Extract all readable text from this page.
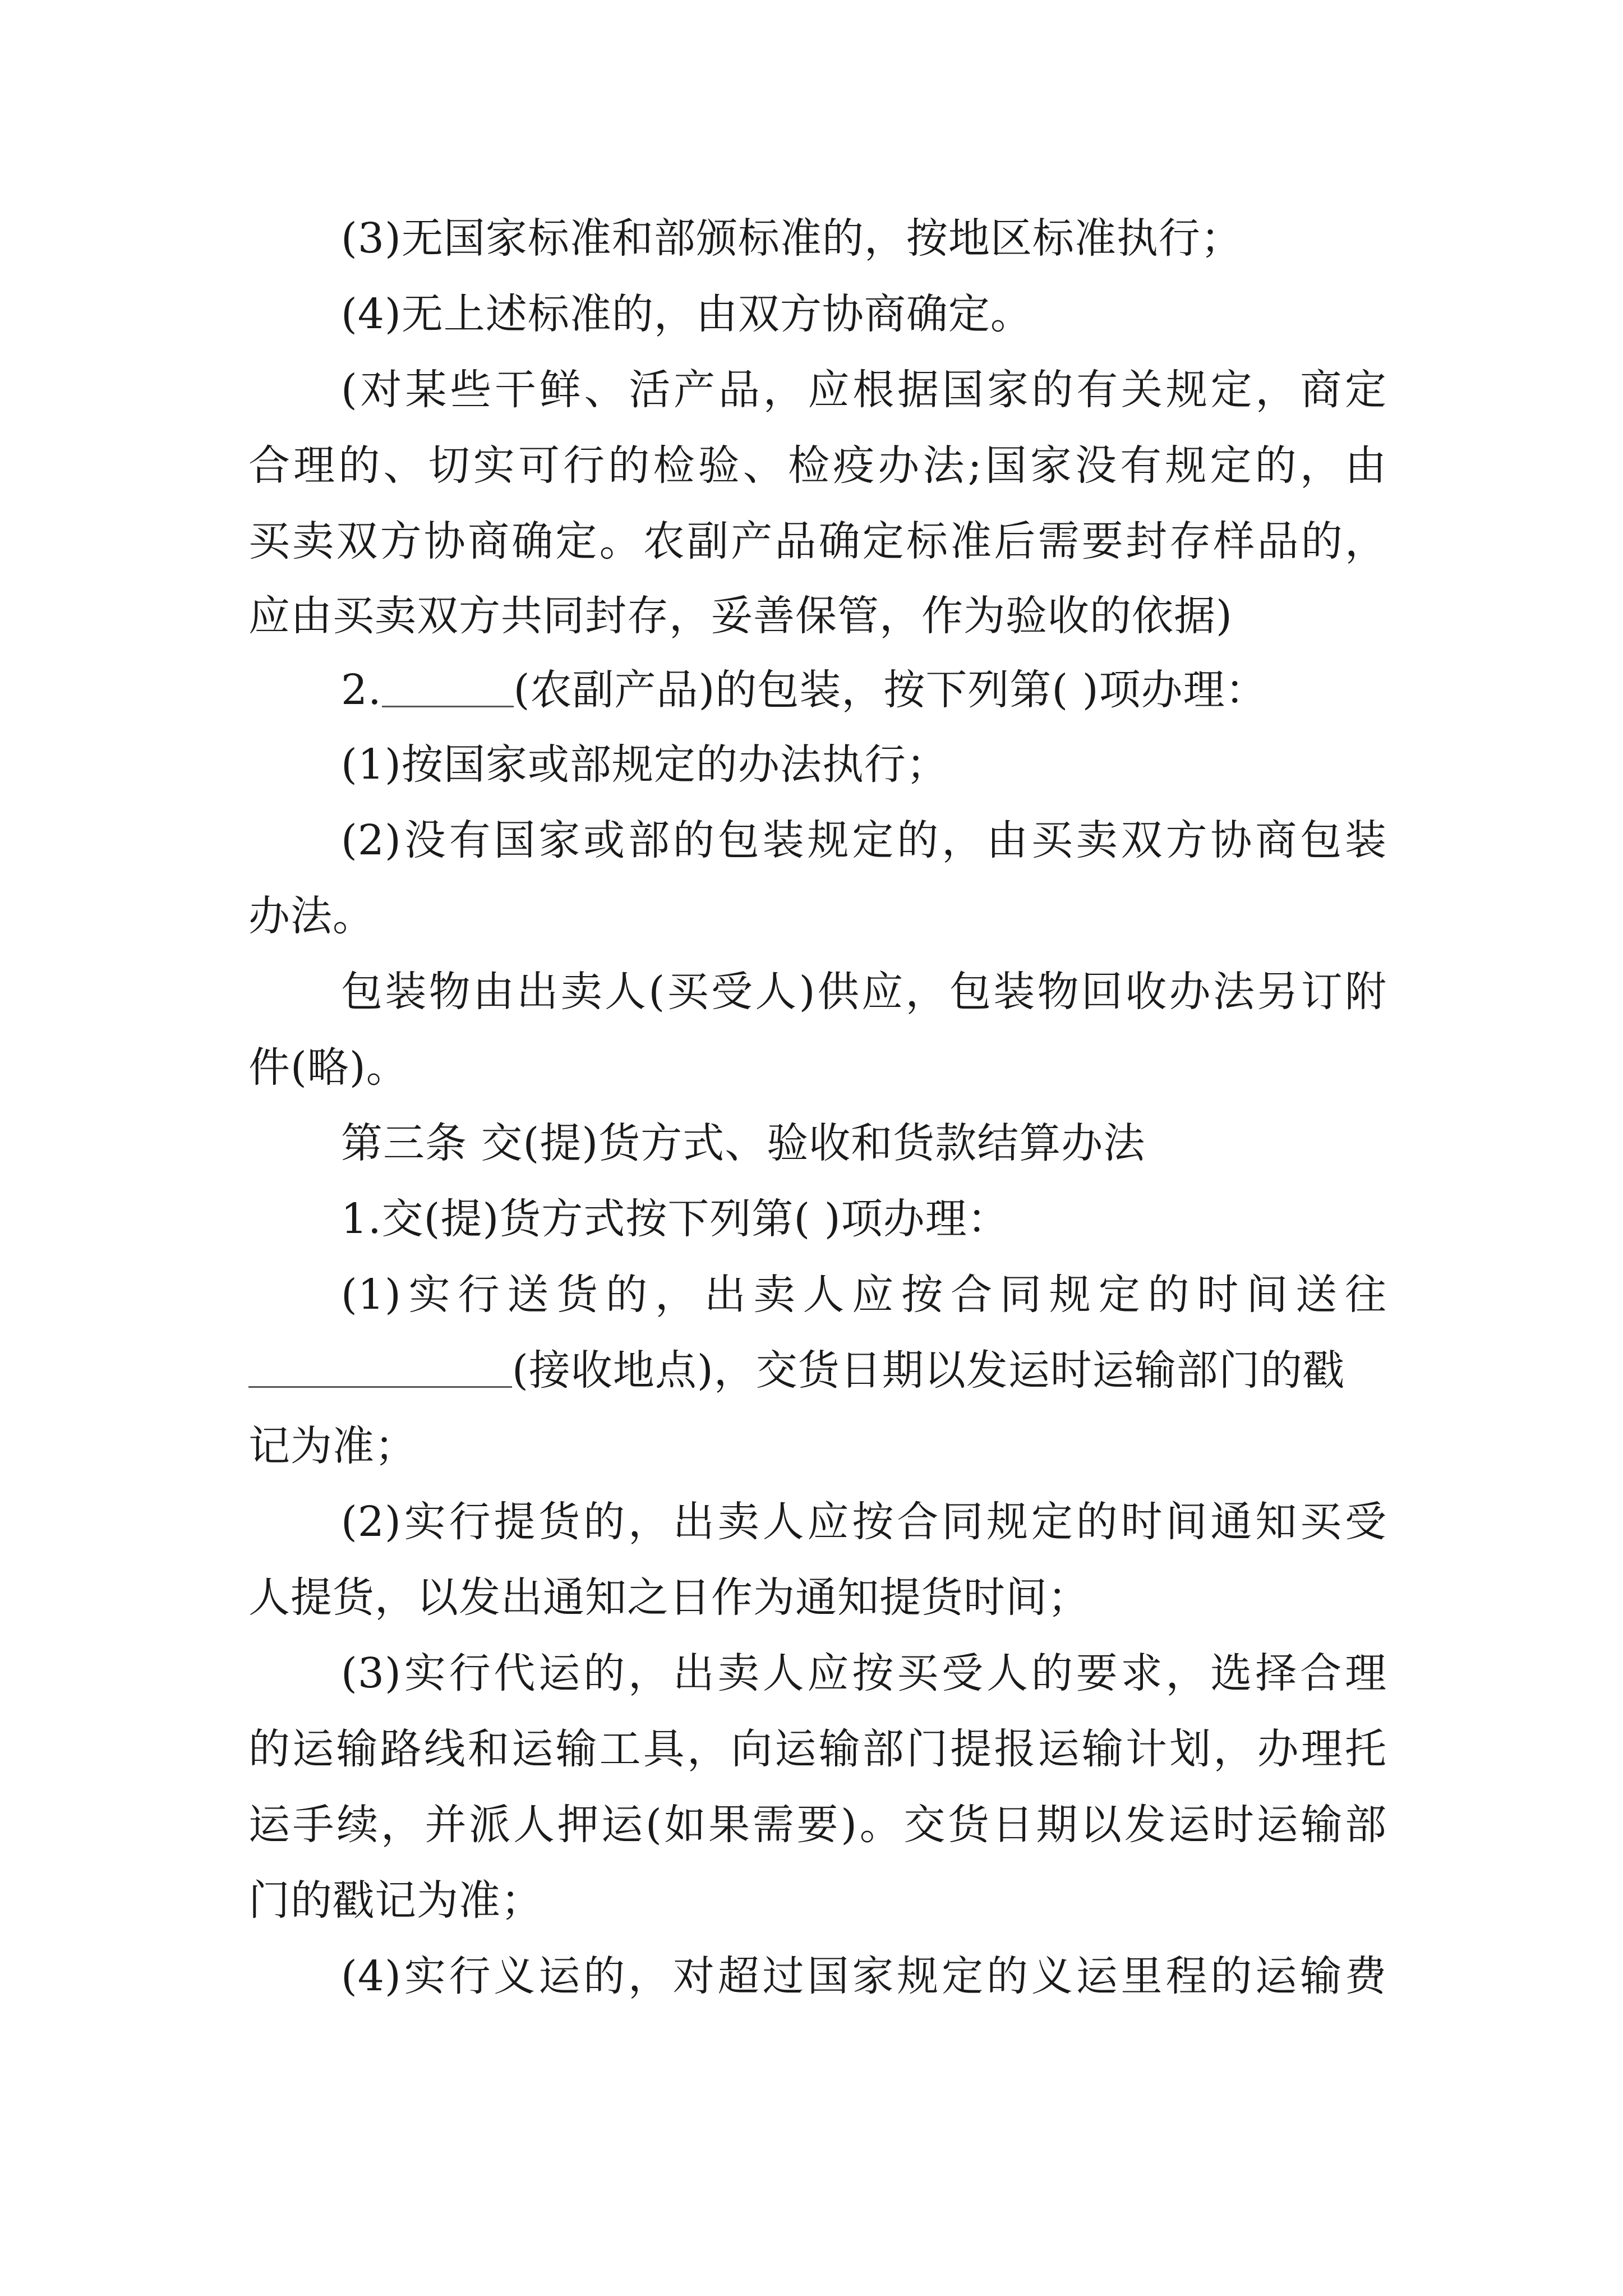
(3)无国家标准和部颁标准的，按地区标准执行；
(4)无上述标准的，由双方协商确定。
(对某些干鲜、活产品，应根据国家的有关规定，商定
合理的、切实可行的检验、检疫办法;国家没有规定的，由
买卖双方协商确定。农副产品确定标准后需要封存样品的，
应由买卖双方共同封存，妥善保管，作为验收的依据)
2.	(农副产品)的包装，按下列第( )项办理：
(1)按国家或部规定的办法执行；
(2)没有国家或部的包装规定的，由买卖双方协商包装
办法。
包装物由出卖人(买受人)供应，包装物回收办法另订附
件(略)。
第三条 交(提)货方式、验收和货款结算办法
1.交(提)货方式按下列第( )项办理：
(1)实行送货的，出卖人应按合同规定的时间送往
(接收地点)，交货日期以发运时运输部门的戳
记为准；
(2)实行提货的，出卖人应按合同规定的时间通知买受
人提货，以发出通知之日作为通知提货时间；
(3)实行代运的，出卖人应按买受人的要求，选择合理
的运输路线和运输工具，向运输部门提报运输计划，办理托
运手续，并派人押运(如果需要)。交货日期以发运时运输部
门的戳记为准；
(4)实行义运的，对超过国家规定的义运里程的运输费
